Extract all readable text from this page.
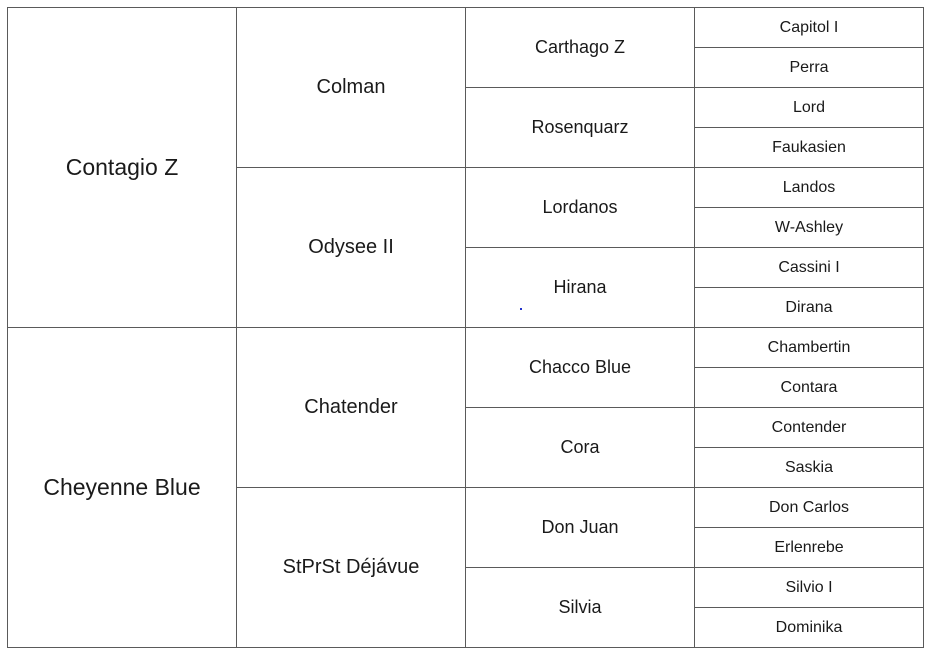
Contagio Z	Colman	Carthago Z	Capitol I
			Perra
		Rosenquarz	Lord
			Faukasien
	Odysee II	Lordanos	Landos
			W-Ashley
		Hirana	Cassini I
			Dirana
Cheyenne Blue	Chatender	Chacco Blue	Chambertin
			Contara
		Cora	Contender
			Saskia
	StPrSt Déjávue	Don Juan	Don Carlos
			Erlenrebe
		Silvia	Silvio I
			Dominika
